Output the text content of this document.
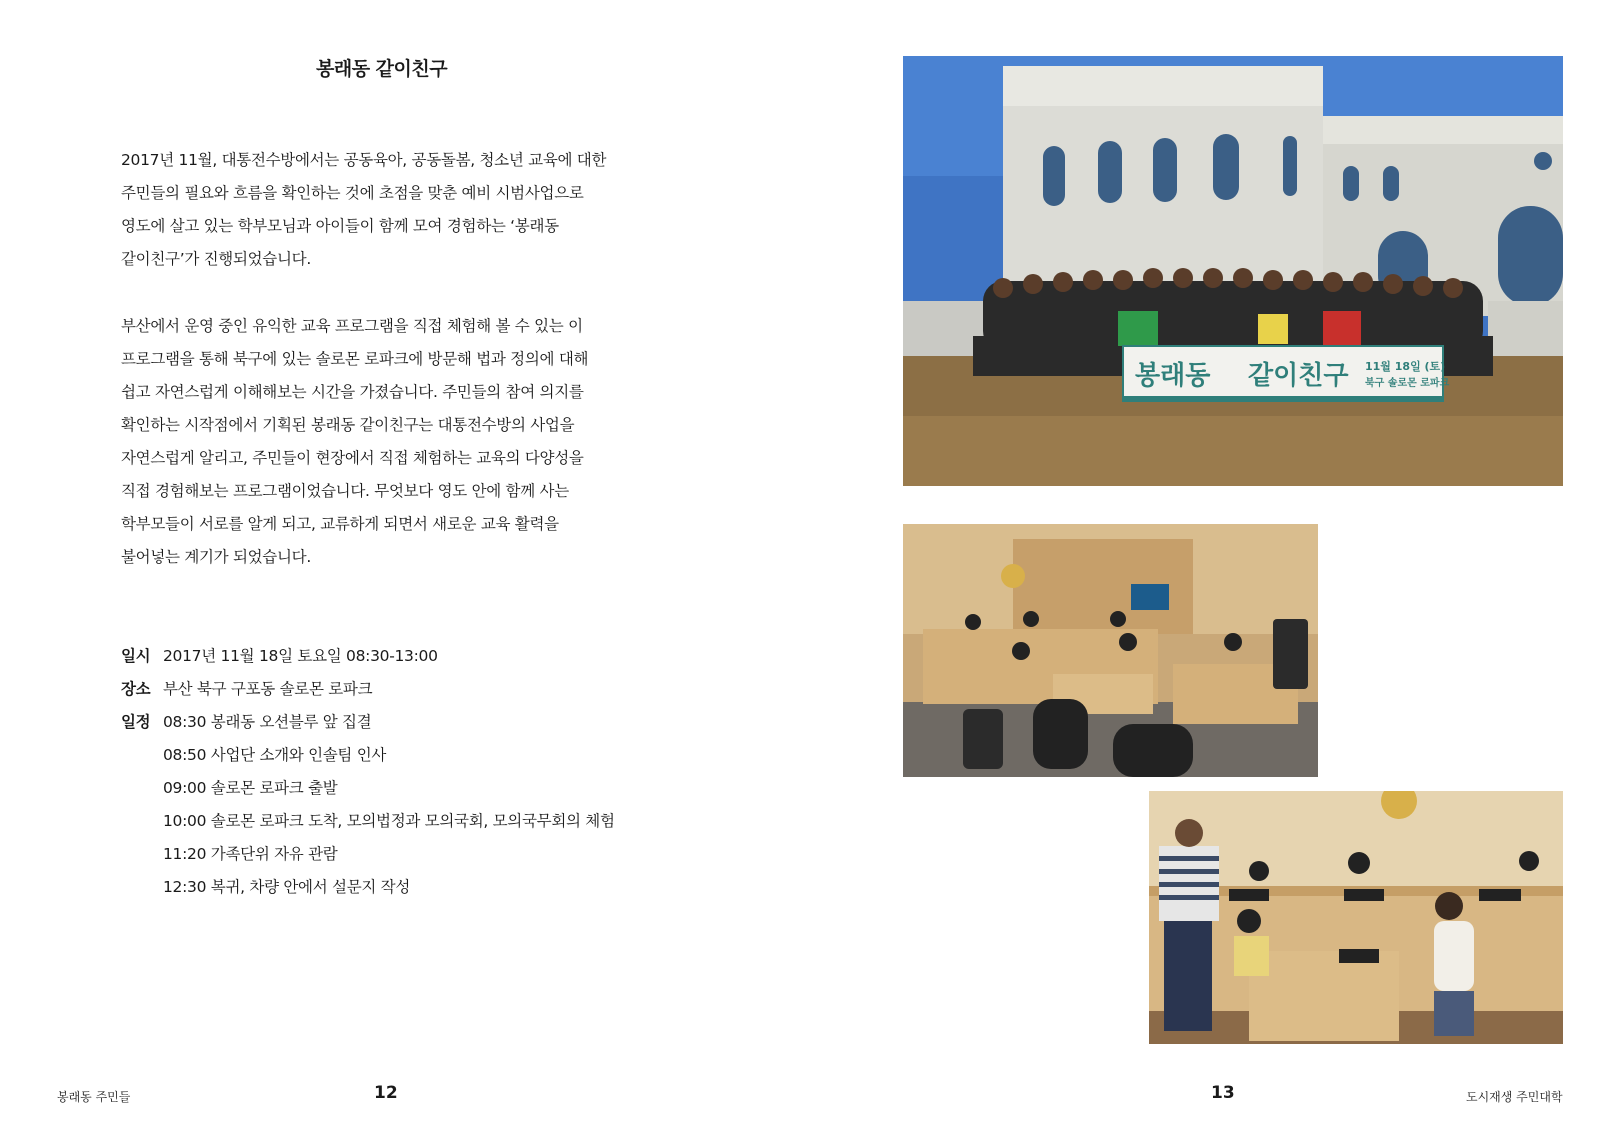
봉래동 같이친구
2017년 11월, 대통전수방에서는 공동육아, 공동돌봄, 청소년 교육에 대한
주민들의 필요와 흐름을 확인하는 것에 초점을 맞춘 예비 시범사업으로
영도에 살고 있는 학부모님과 아이들이 함께 모여 경험하는 ‘봉래동
같이친구’가 진행되었습니다.
부산에서 운영 중인 유익한 교육 프로그램을 직접 체험해 볼 수 있는 이
프로그램을 통해 북구에 있는 솔로몬 로파크에 방문해 법과 정의에 대해
쉽고 자연스럽게 이해해보는 시간을 가졌습니다. 주민들의 참여 의지를
확인하는 시작점에서 기획된 봉래동 같이친구는 대통전수방의 사업을
자연스럽게 알리고, 주민들이 현장에서 직접 체험하는 교육의 다양성을
직접 경험해보는 프로그램이었습니다. 무엇보다 영도 안에 함께 사는
학부모들이 서로를 알게 되고, 교류하게 되면서 새로운 교육 활력을
불어넣는 계기가 되었습니다.
일시 2017년 11월 18일 토요일 08:30-13:00
장소 부산 북구 구포동 솔로몬 로파크
일정 08:30 봉래동 오션블루 앞 집결
08:50 사업단 소개와 인솔팀 인사
09:00 솔로몬 로파크 출발
10:00 솔로몬 로파크 도착, 모의법정과 모의국회, 모의국무회의 체험
11:20 가족단위 자유 관람
12:30 복귀, 차량 안에서 설문지 작성
봉래동 주민들	12
봉래동 같이친구 11월 18일 (토)
북구 솔로몬 로파크
13	도시재생 주민대학
